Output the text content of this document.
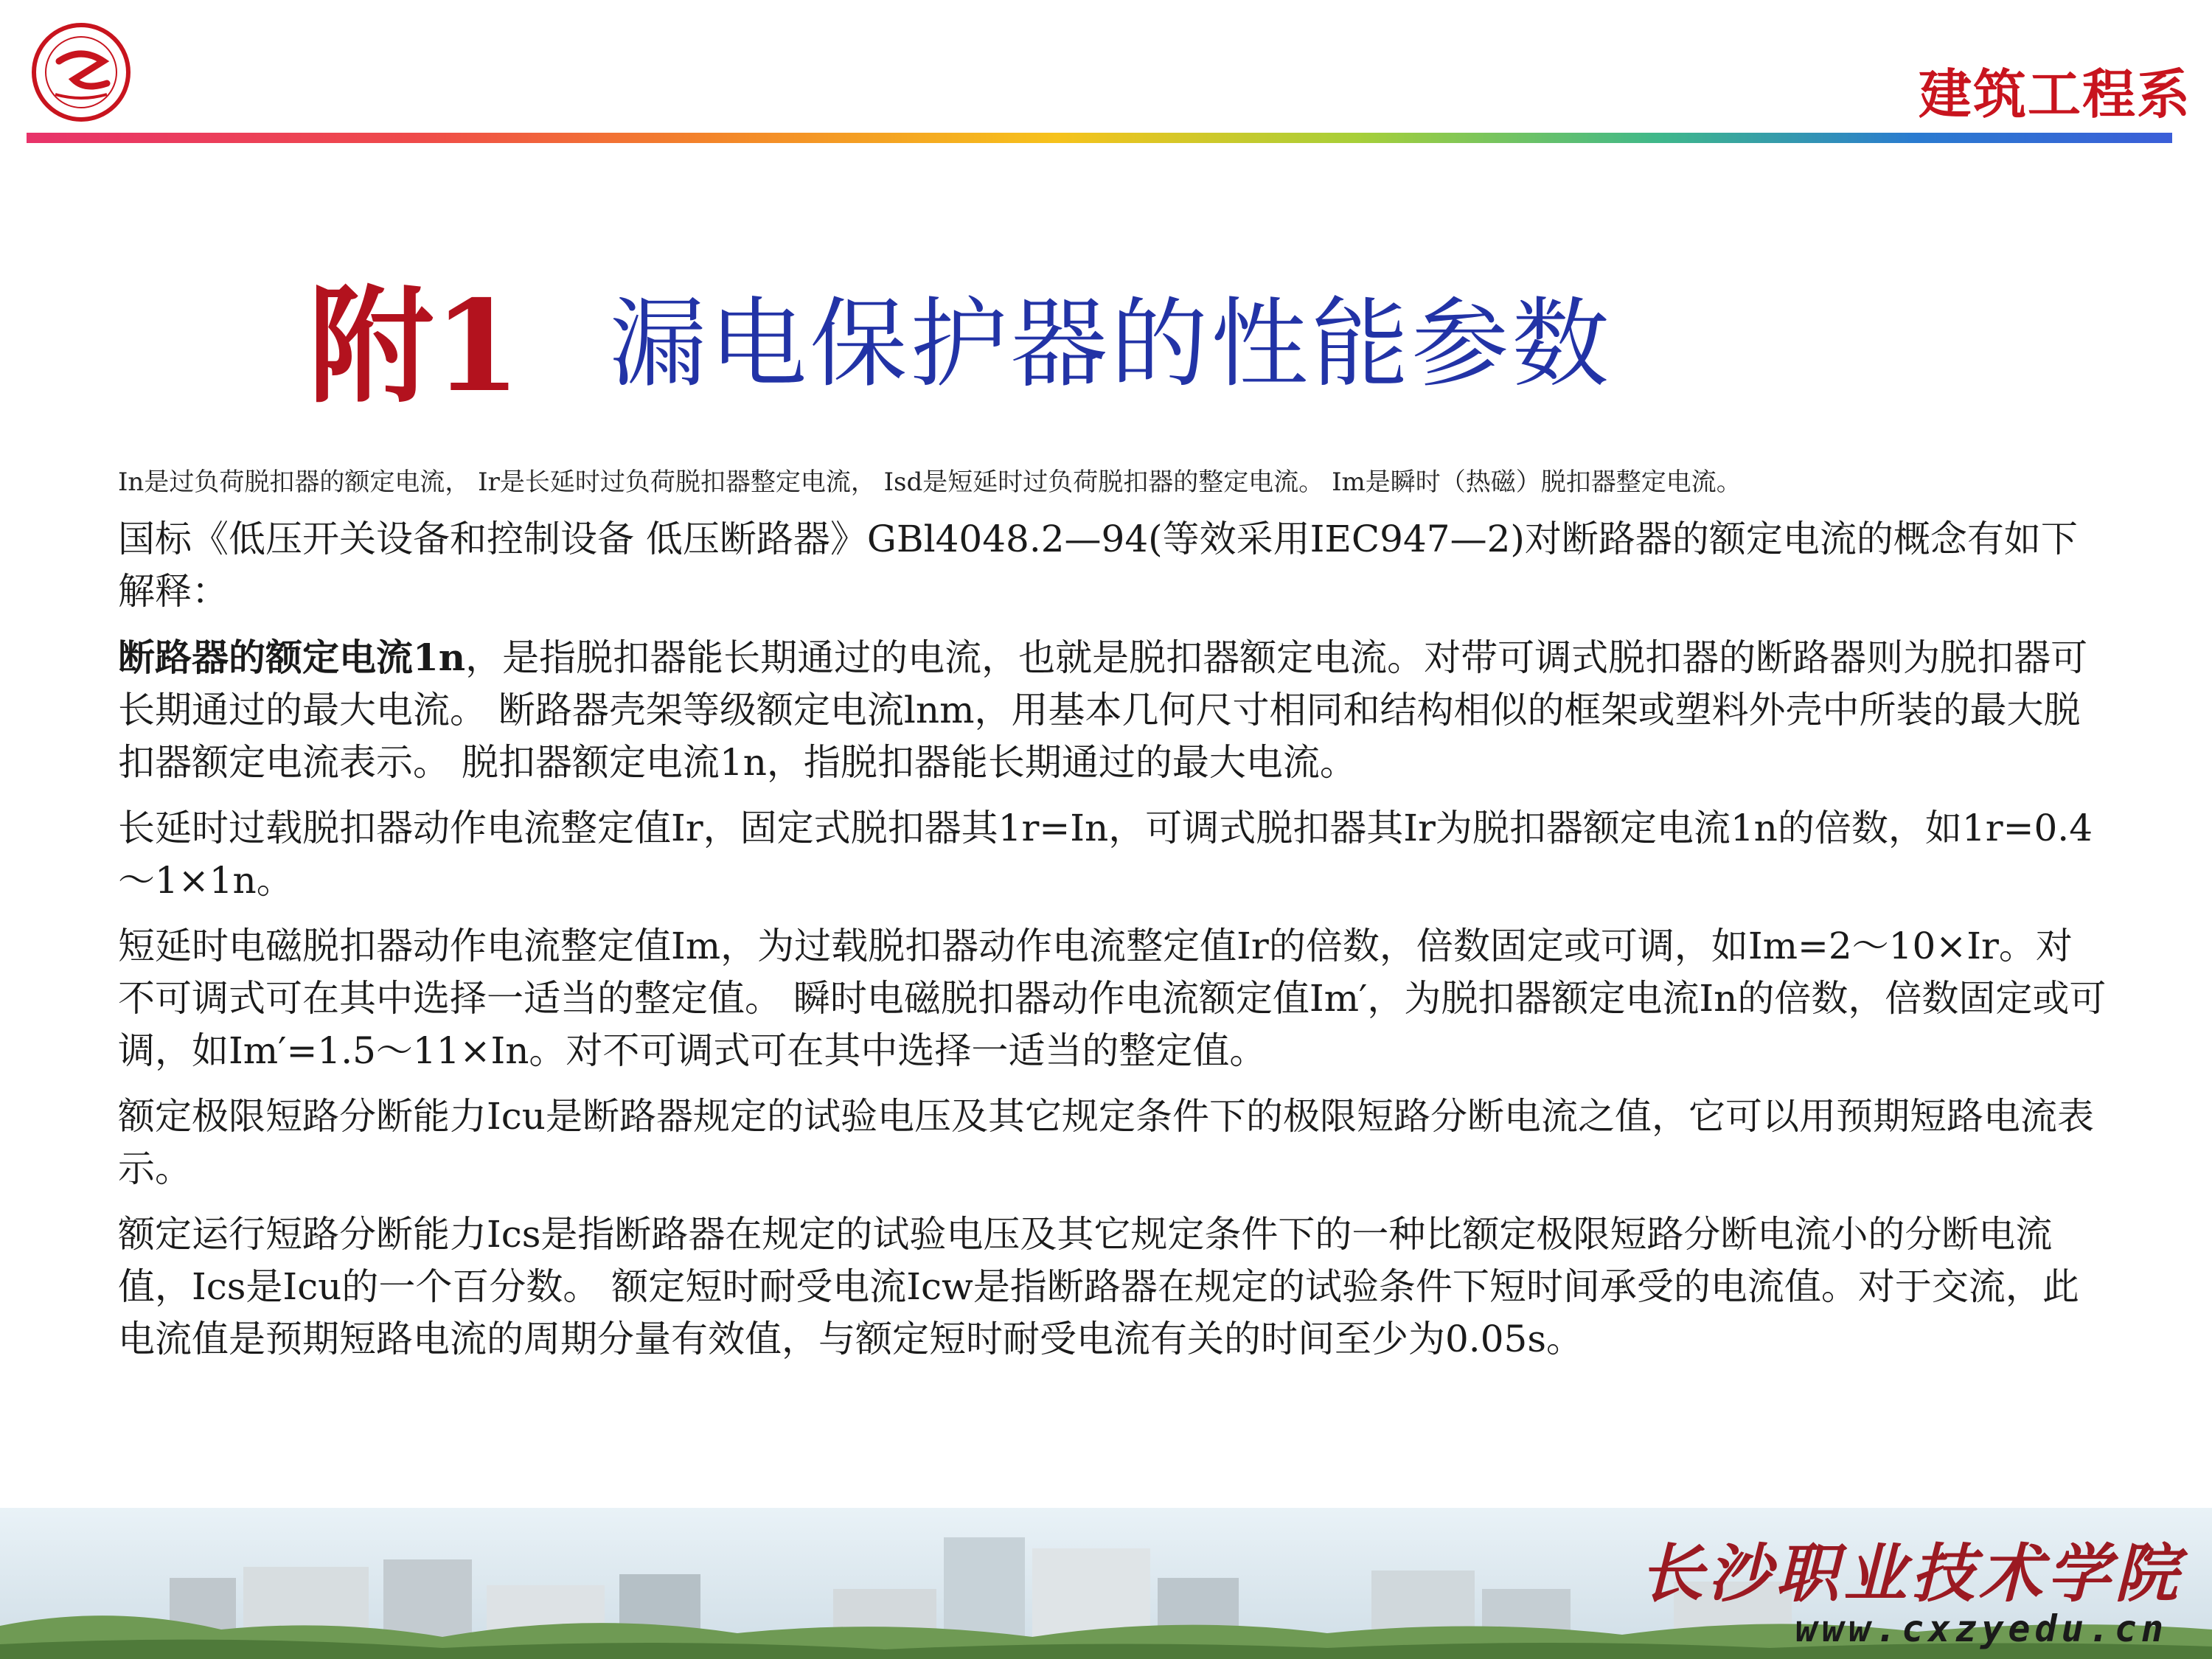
建筑工程系
附1 漏电保护器的性能参数
In是过负荷脱扣器的额定电流， Ir是长延时过负荷脱扣器整定电流， Isd是短延时过负荷脱扣器的整定电流。 Im是瞬时（热磁）脱扣器整定电流。

国标《低压开关设备和控制设备 低压断路器》GBl4048.2—94(等效采用IEC947—2)对断路器的额定电流的概念有如下解释：

断路器的额定电流1n，是指脱扣器能长期通过的电流，也就是脱扣器额定电流。对带可调式脱扣器的断路器则为脱扣器可长期通过的最大电流。 断路器壳架等级额定电流lnm，用基本几何尺寸相同和结构相似的框架或塑料外壳中所装的最大脱扣器额定电流表示。 脱扣器额定电流1n，指脱扣器能长期通过的最大电流。

长延时过载脱扣器动作电流整定值Ir，固定式脱扣器其1r=In，可调式脱扣器其Ir为脱扣器额定电流1n的倍数，如1r=0.4～1×1n。

短延时电磁脱扣器动作电流整定值Im，为过载脱扣器动作电流整定值Ir的倍数，倍数固定或可调，如Im=2～10×Ir。对不可调式可在其中选择一适当的整定值。 瞬时电磁脱扣器动作电流额定值Im′，为脱扣器额定电流In的倍数，倍数固定或可调，如Im′=1.5～11×In。对不可调式可在其中选择一适当的整定值。

额定极限短路分断能力Icu是断路器规定的试验电压及其它规定条件下的极限短路分断电流之值，它可以用预期短路电流表示。

额定运行短路分断能力Ics是指断路器在规定的试验电压及其它规定条件下的一种比额定极限短路分断电流小的分断电流值，Ics是Icu的一个百分数。 额定短时耐受电流Icw是指断路器在规定的试验条件下短时间承受的电流值。对于交流，此电流值是预期短路电流的周期分量有效值，与额定短时耐受电流有关的时间至少为0.05s。

长沙职业技术学院
www.cxzyedu.cn
